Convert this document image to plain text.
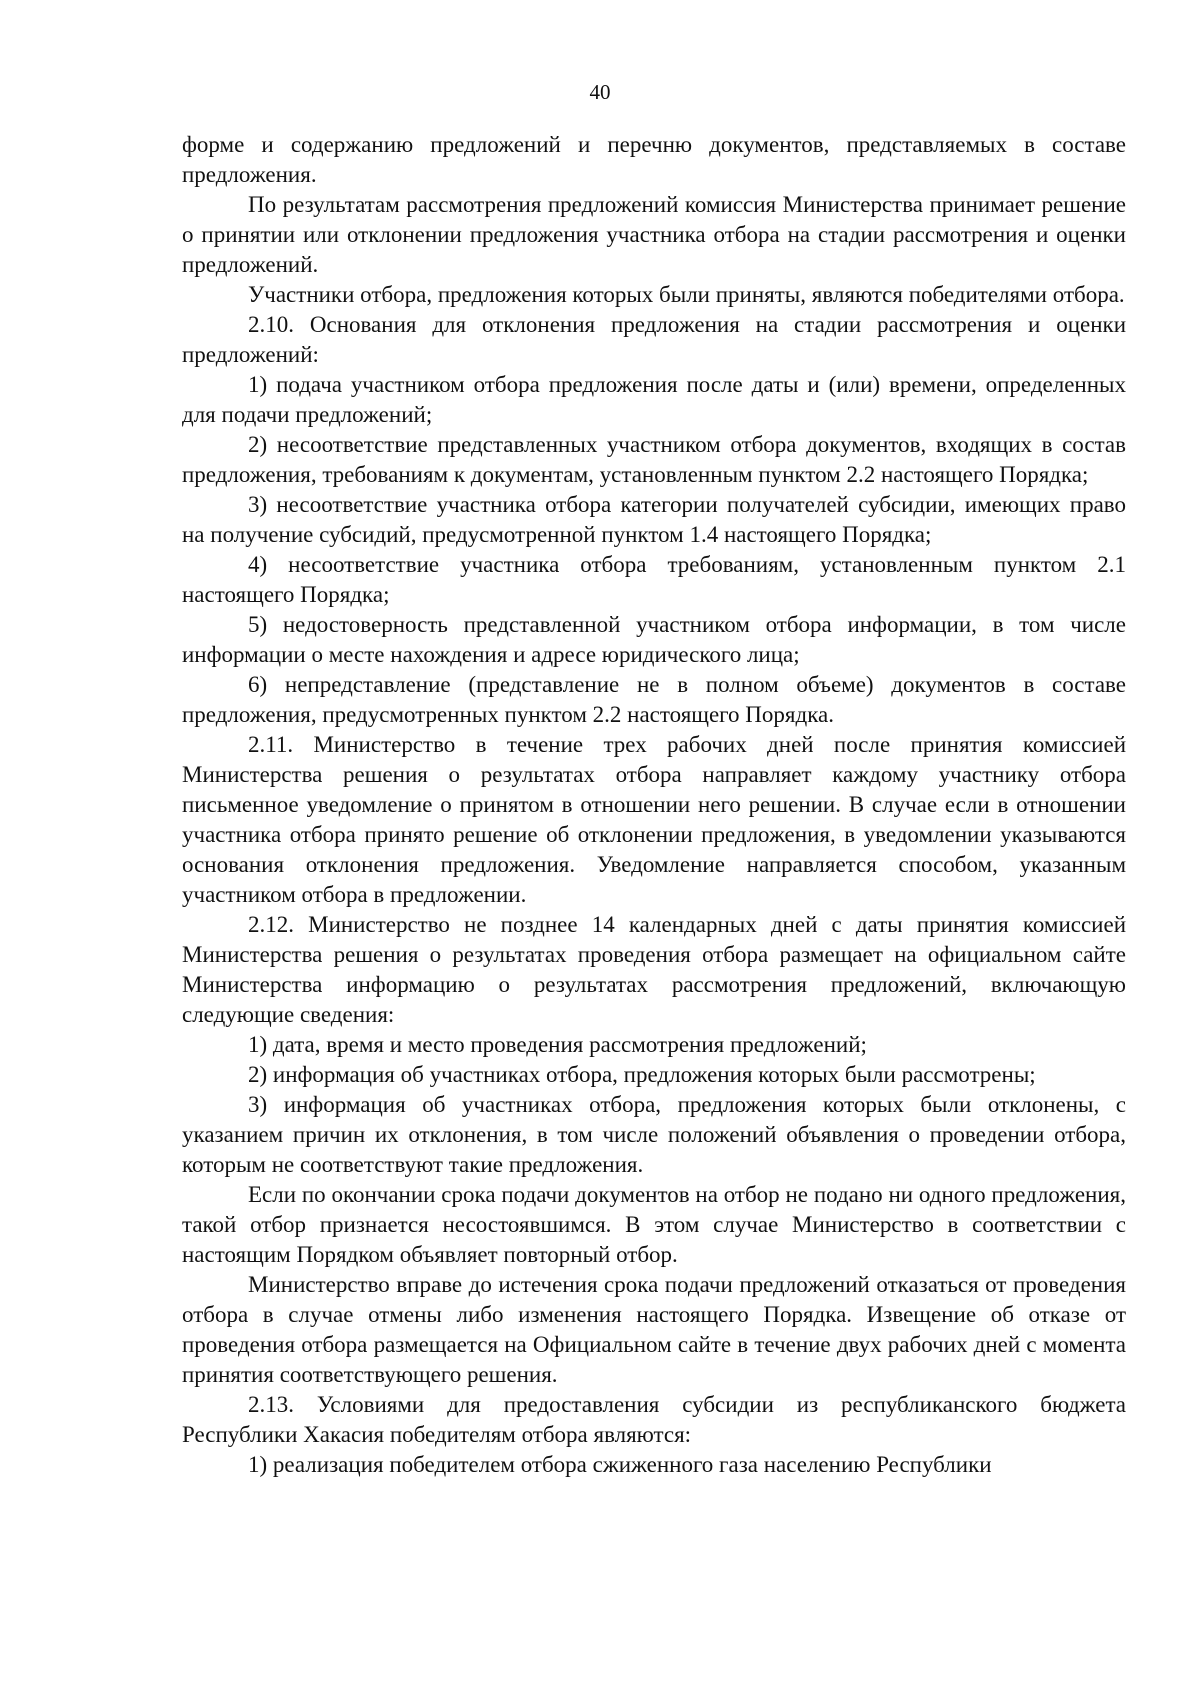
40

форме и содержанию предложений и перечню документов, представляемых в составе предложения.

По результатам рассмотрения предложений комиссия Министерства принимает решение о принятии или отклонении предложения участника отбора на стадии рассмотрения и оценки предложений.

Участники отбора, предложения которых были приняты, являются победителями отбора.

2.10. Основания для отклонения предложения на стадии рассмотрения и оценки предложений:

1) подача участником отбора предложения после даты и (или) времени, определенных для подачи предложений;

2) несоответствие представленных участником отбора документов, входящих в состав предложения, требованиям к документам, установленным пунктом 2.2 настоящего Порядка;

3) несоответствие участника отбора категории получателей субсидии, имеющих право на получение субсидий, предусмотренной пунктом 1.4 настоящего Порядка;

4) несоответствие участника отбора требованиям, установленным пунктом 2.1 настоящего Порядка;

5) недостоверность представленной участником отбора информации, в том числе информации о месте нахождения и адресе юридического лица;

6) непредставление (представление не в полном объеме) документов в составе предложения, предусмотренных пунктом 2.2 настоящего Порядка.

2.11. Министерство в течение трех рабочих дней после принятия комиссией Министерства решения о результатах отбора направляет каждому участнику отбора письменное уведомление о принятом в отношении него решении. В случае если в отношении участника отбора принято решение об отклонении предложения, в уведомлении указываются основания отклонения предложения. Уведомление направляется способом, указанным участником отбора в предложении.

2.12. Министерство не позднее 14 календарных дней с даты принятия комиссией Министерства решения о результатах проведения отбора размещает на официальном сайте Министерства информацию о результатах рассмотрения предложений, включающую следующие сведения:

1) дата, время и место проведения рассмотрения предложений;

2) информация об участниках отбора, предложения которых были рассмотрены;

3) информация об участниках отбора, предложения которых были отклонены, с указанием причин их отклонения, в том числе положений объявления о проведении отбора, которым не соответствуют такие предложения.

Если по окончании срока подачи документов на отбор не подано ни одного предложения, такой отбор признается несостоявшимся. В этом случае Министерство в соответствии с настоящим Порядком объявляет повторный отбор.

Министерство вправе до истечения срока подачи предложений отказаться от проведения отбора в случае отмены либо изменения настоящего Порядка. Извещение об отказе от проведения отбора размещается на Официальном сайте в течение двух рабочих дней с момента принятия соответствующего решения.

2.13. Условиями для предоставления субсидии из республиканского бюджета Республики Хакасия победителям отбора являются:

1) реализация победителем отбора сжиженного газа населению Республики
